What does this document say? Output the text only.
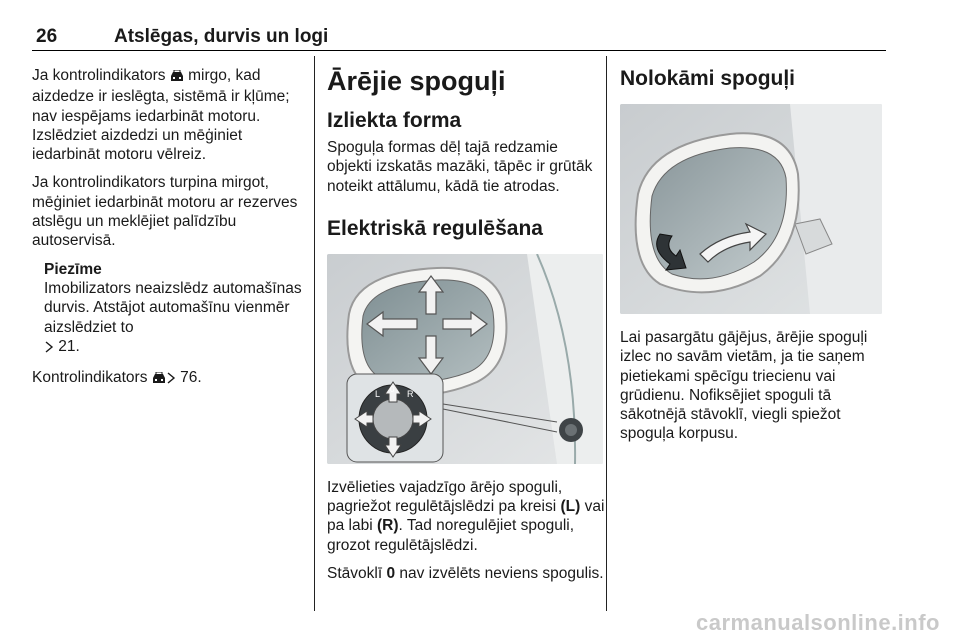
26	Atslēgas, durvis un logi

Ja kontrolindikators  mirgo, kad aizdedze ir ieslēgta, sistēmā ir kļūme; nav iespējams iedarbināt motoru. Izslēdziet aizdedzi un mēģiniet iedarbināt motoru vēlreiz.

Ja kontrolindikators turpina mirgot, mēģiniet iedarbināt motoru ar rezerves atslēgu un meklējiet palīdzību autoservisā.

Piezīme
Imobilizators neaizslēdz automašīnas durvis. Atstājot automašīnu vienmēr aizslēdziet to
21.

Kontrolindikators  76.

Ārējie spoguļi
Izliekta forma

Spoguļa formas dēļ tajā redzamie objekti izskatās mazāki, tāpēc ir grūtāk noteikt attālumu, kādā tie atrodas.

Elektriskā regulēšana
L	R
0

Izvēlieties vajadzīgo ārējo spoguli, pagriežot regulētājslēdzi pa kreisi (L) vai pa labi (R). Tad noregulējiet spoguli, grozot regulētājslēdzi.

Stāvoklī 0 nav izvēlēts neviens spogulis.

Nolokāmi spoguļi

Lai pasargātu gājējus, ārējie spoguļi izlec no savām vietām, ja tie saņem pietiekami spēcīgu triecienu vai grūdienu. Nofiksējiet spoguli tā sākotnējā stāvoklī, viegli spiežot spoguļa korpusu.

carmanualsonline.info
